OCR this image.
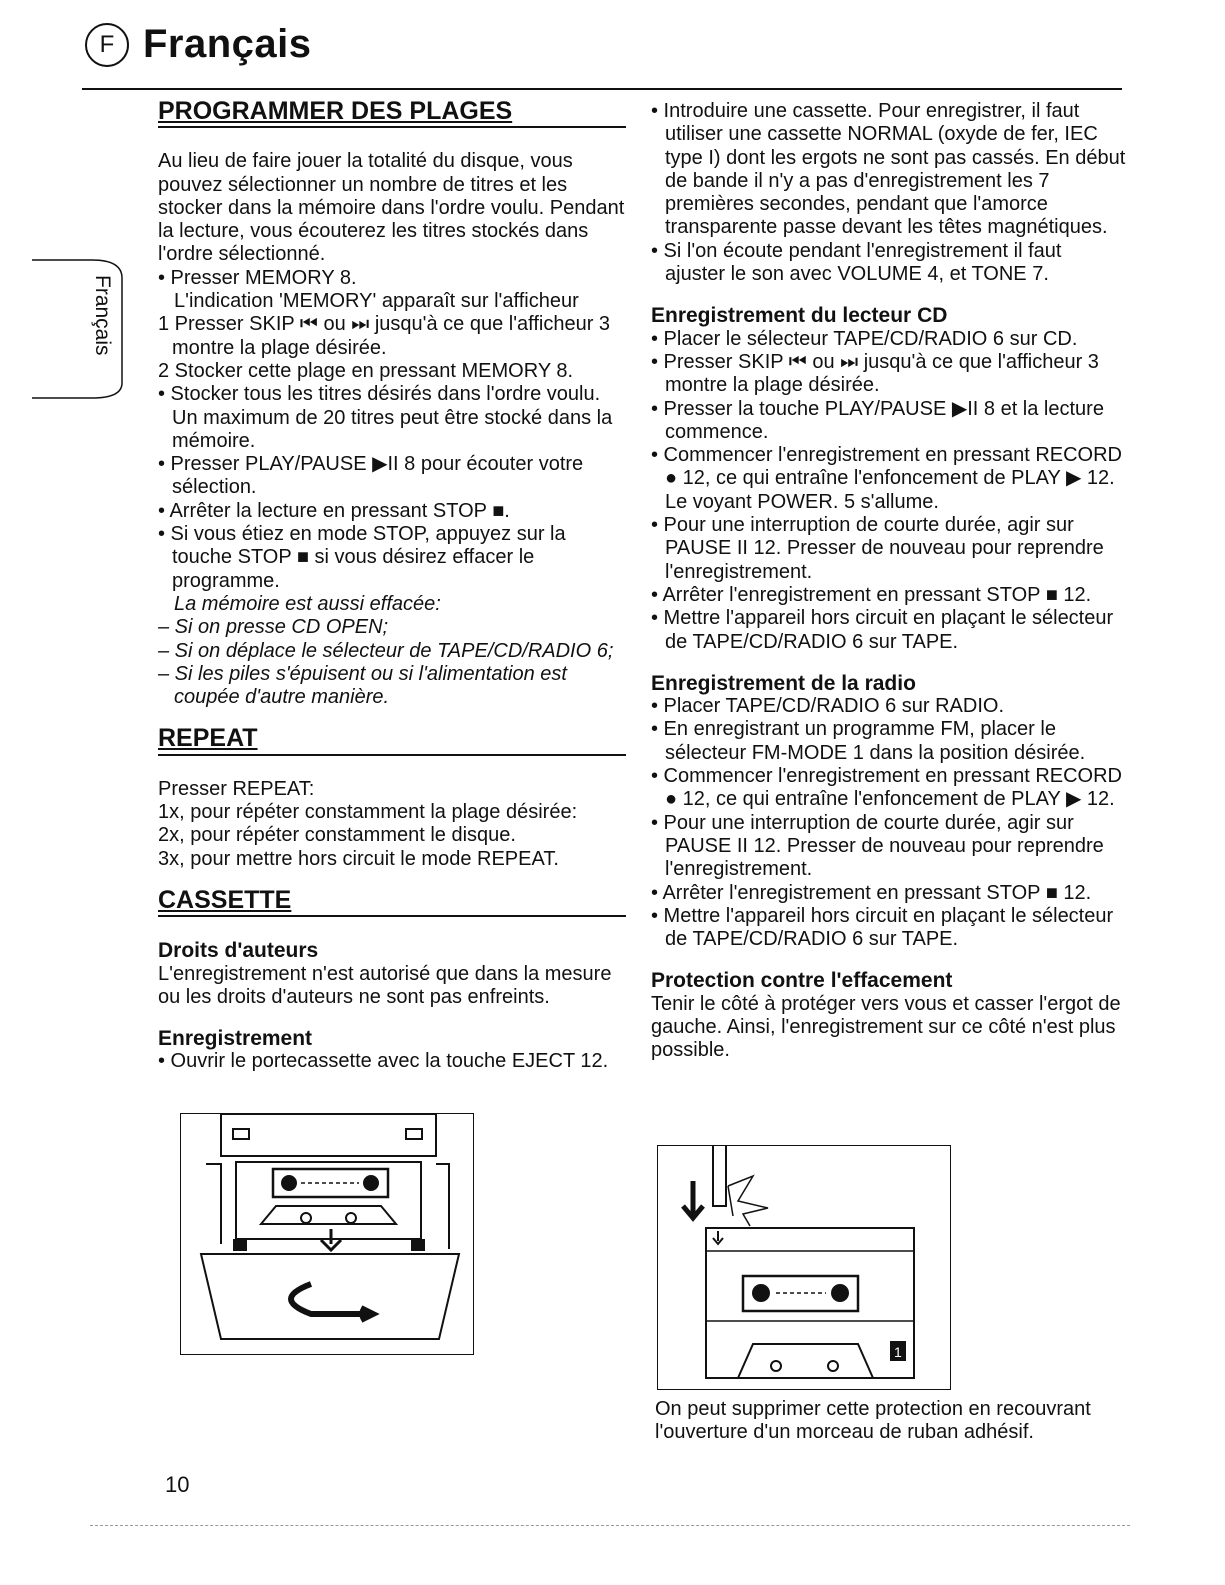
F Français
Français
PROGRAMMER DES PLAGES

Au lieu de faire jouer la totalité du disque, vous pouvez sélectionner un nombre de titres et les stocker dans la mémoire dans l'ordre voulu. Pendant la lecture, vous écouterez les titres stockés dans l'ordre sélectionné.

• Presser MEMORY 8.

L'indication 'MEMORY' apparaît sur l'afficheur

1 Presser SKIP ⏮ ou ⏭ jusqu'à ce que l'afficheur 3 montre la plage désirée.

2 Stocker cette plage en pressant MEMORY 8.

• Stocker tous les titres désirés dans l'ordre voulu. Un maximum de 20 titres peut être stocké dans la mémoire.

• Presser PLAY/PAUSE ▶II 8 pour écouter votre sélection.

• Arrêter la lecture en pressant STOP ■.

• Si vous étiez en mode STOP, appuyez sur la touche STOP ■ si vous désirez effacer le programme.

La mémoire est aussi effacée:

– Si on presse CD OPEN;

– Si on déplace le sélecteur de TAPE/CD/RADIO 6;

– Si les piles s'épuisent ou si l'alimentation est coupée d'autre manière.

REPEAT

Presser REPEAT:

1x, pour répéter constamment la plage désirée:

2x, pour répéter constamment le disque.

3x, pour mettre hors circuit le mode REPEAT.

CASSETTE

Droits d'auteurs

L'enregistrement n'est autorisé que dans la mesure ou les droits d'auteurs ne sont pas enfreints.

Enregistrement

• Ouvrir le portecassette avec la touche EJECT 12.

• Introduire une cassette. Pour enregistrer, il faut utiliser une cassette NORMAL (oxyde de fer, IEC type I) dont les ergots ne sont pas cassés. En début de bande il n'y a pas d'enregistrement les 7 premières secondes, pendant que l'amorce transparente passe devant les têtes magnétiques.

• Si l'on écoute pendant l'enregistrement il faut ajuster le son avec VOLUME 4, et TONE 7.

Enregistrement du lecteur CD

• Placer le sélecteur TAPE/CD/RADIO 6 sur CD.

• Presser SKIP ⏮ ou ⏭ jusqu'à ce que l'afficheur 3 montre la plage désirée.

• Presser la touche PLAY/PAUSE ▶II 8 et la lecture commence.

• Commencer l'enregistrement en pressant RECORD ● 12, ce qui entraîne l'enfoncement de PLAY ▶ 12. Le voyant POWER. 5 s'allume.

• Pour une interruption de courte durée, agir sur PAUSE II 12. Presser de nouveau pour reprendre l'enregistrement.

• Arrêter l'enregistrement en pressant STOP ■ 12.

• Mettre l'appareil hors circuit en plaçant le sélecteur de TAPE/CD/RADIO 6 sur TAPE.

Enregistrement de la radio

• Placer TAPE/CD/RADIO 6 sur RADIO.

• En enregistrant un programme FM, placer le sélecteur FM-MODE 1 dans la position désirée.

• Commencer l'enregistrement en pressant RECORD ● 12, ce qui entraîne l'enfoncement de PLAY ▶ 12.

• Pour une interruption de courte durée, agir sur PAUSE II 12. Presser de nouveau pour reprendre l'enregistrement.

• Arrêter l'enregistrement en pressant STOP ■ 12.

• Mettre l'appareil hors circuit en plaçant le sélecteur de TAPE/CD/RADIO 6 sur TAPE.

Protection contre l'effacement

Tenir le côté à protéger vers vous et casser l'ergot de gauche. Ainsi, l'enregistrement sur ce côté n'est plus possible.

1

On peut supprimer cette protection en recouvrant l'ouverture d'un morceau de ruban adhésif.

10
